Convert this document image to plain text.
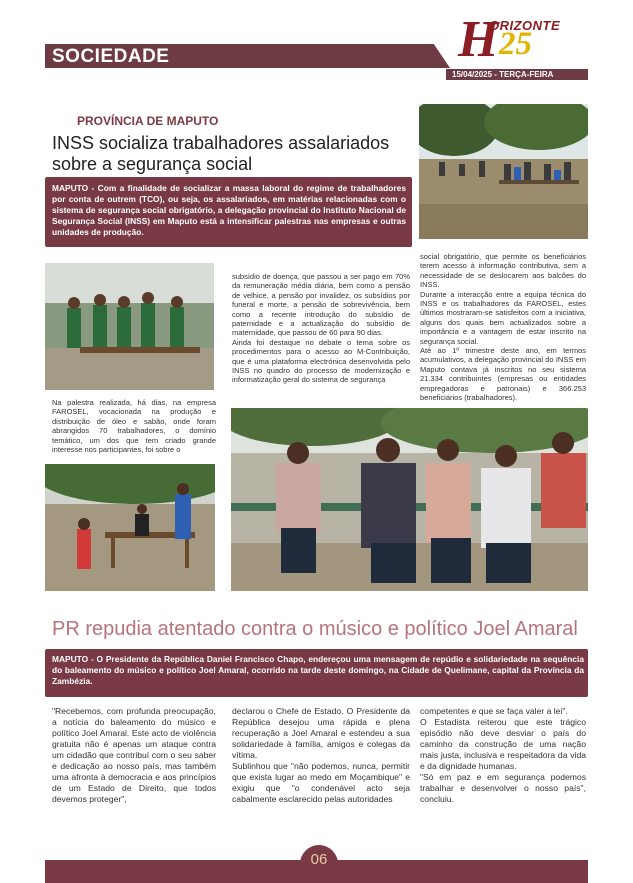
SOCIEDADE	H
ORIZONTE
25
15/04/2025 - TERÇA-FEIRA
PROVÍNCIA DE MAPUTO
INSS socializa trabalhadores assalariados sobre a segurança social
MAPUTO - Com a finalidade de socializar a massa laboral do regime de trabalhadores por conta de outrem (TCO), ou seja, os assalariados, em matérias relacionadas com o sistema de segurança social obrigatório, a delegação provincial do Instituto Nacional de Segurança Social (INSS) em Maputo está a intensificar palestras nas empresas e outras unidades de produção.
Na palestra realizada, há dias, na empresa FAROSEL, vocacionada na produção e distribuição de óleo e sabão, onde foram abrangidos 70 trabalhadores, o domínio temático, um dos que tem criado grande interesse nos participantes, foi sobre o
subsídio de doença, que passou a ser pago em 70% da remuneração média diária, bem como a pensão de velhice, a pensão por invalidez, os subsídios por funeral e morte, a pensão de sobrevivência, bem como a recente introdução do subsídio de paternidade e a actualização do subsídio de maternidade, que passou de 60 para 90 dias.
Ainda foi destaque no debate o tema sobre os procedimentos para o acesso ao M-Contribuição, que é uma plataforma electrónica desenvolvida pelo INSS no quadro do processo de modernização e informatização geral do sistema de segurança
social obrigatório, que permite os beneficiários terem acesso à informação contributiva, sem a necessidade de se deslocarem aos balcões do INSS.
Durante a interacção entre a equipa técnica do INSS e os trabalhadores da FAROSEL, estes últimos mostraram-se satisfeitos com a iniciativa, alguns dos quais bem actualizados sobre a importância e a vantagem de estar inscrito na segurança social.
Até ao 1º trimestre deste ano, em termos acumulativos, a delegação provincial do INSS em Maputo contava já inscritos no seu sistema 21.334 contribuintes (empresas ou entidades empregadoras e patronais) e 366.253 beneficiários (trabalhadores).
PR repudia atentado contra o músico e político Joel Amaral
MAPUTO - O Presidente da República Daniel Francisco Chapo, endereçou uma mensagem de repúdio e solidariedade na sequência do baleamento do músico e político Joel Amaral, ocorrido na tarde deste domingo, na Cidade de Quelimane, capital da Província da Zambézia.
"Recebemos, com profunda preocupação, a notícia do baleamento do músico e político Joel Amaral. Este acto de violência gratuita não é apenas um ataque contra um cidadão que contribuí com o seu saber e dedicação ao nosso país, mas também uma afronta à democracia e aos princípios de um Estado de Direito, que todos devemos proteger",
declarou o Chefe de Estado. O Presidente da República desejou uma rápida e plena recuperação a Joel Amaral e estendeu a sua solidariedade à família, amigos e colegas da vítima.
Sublinhou que "não podemos, nunca, permitir que exista lugar ao medo em Moçambique" e exigiu que "o condenável acto seja cabalmente esclarecido pelas autoridades
competentes e que se faça valer a lei".
O Estadista reiterou que este trágico episódio não deve desviar o país do caminho da construção de uma nação mais justa, inclusiva e respeitadora da vida e da dignidade humanas.
"Só em paz e em segurança podemos trabalhar e desenvolver o nosso país", concluiu.
06
